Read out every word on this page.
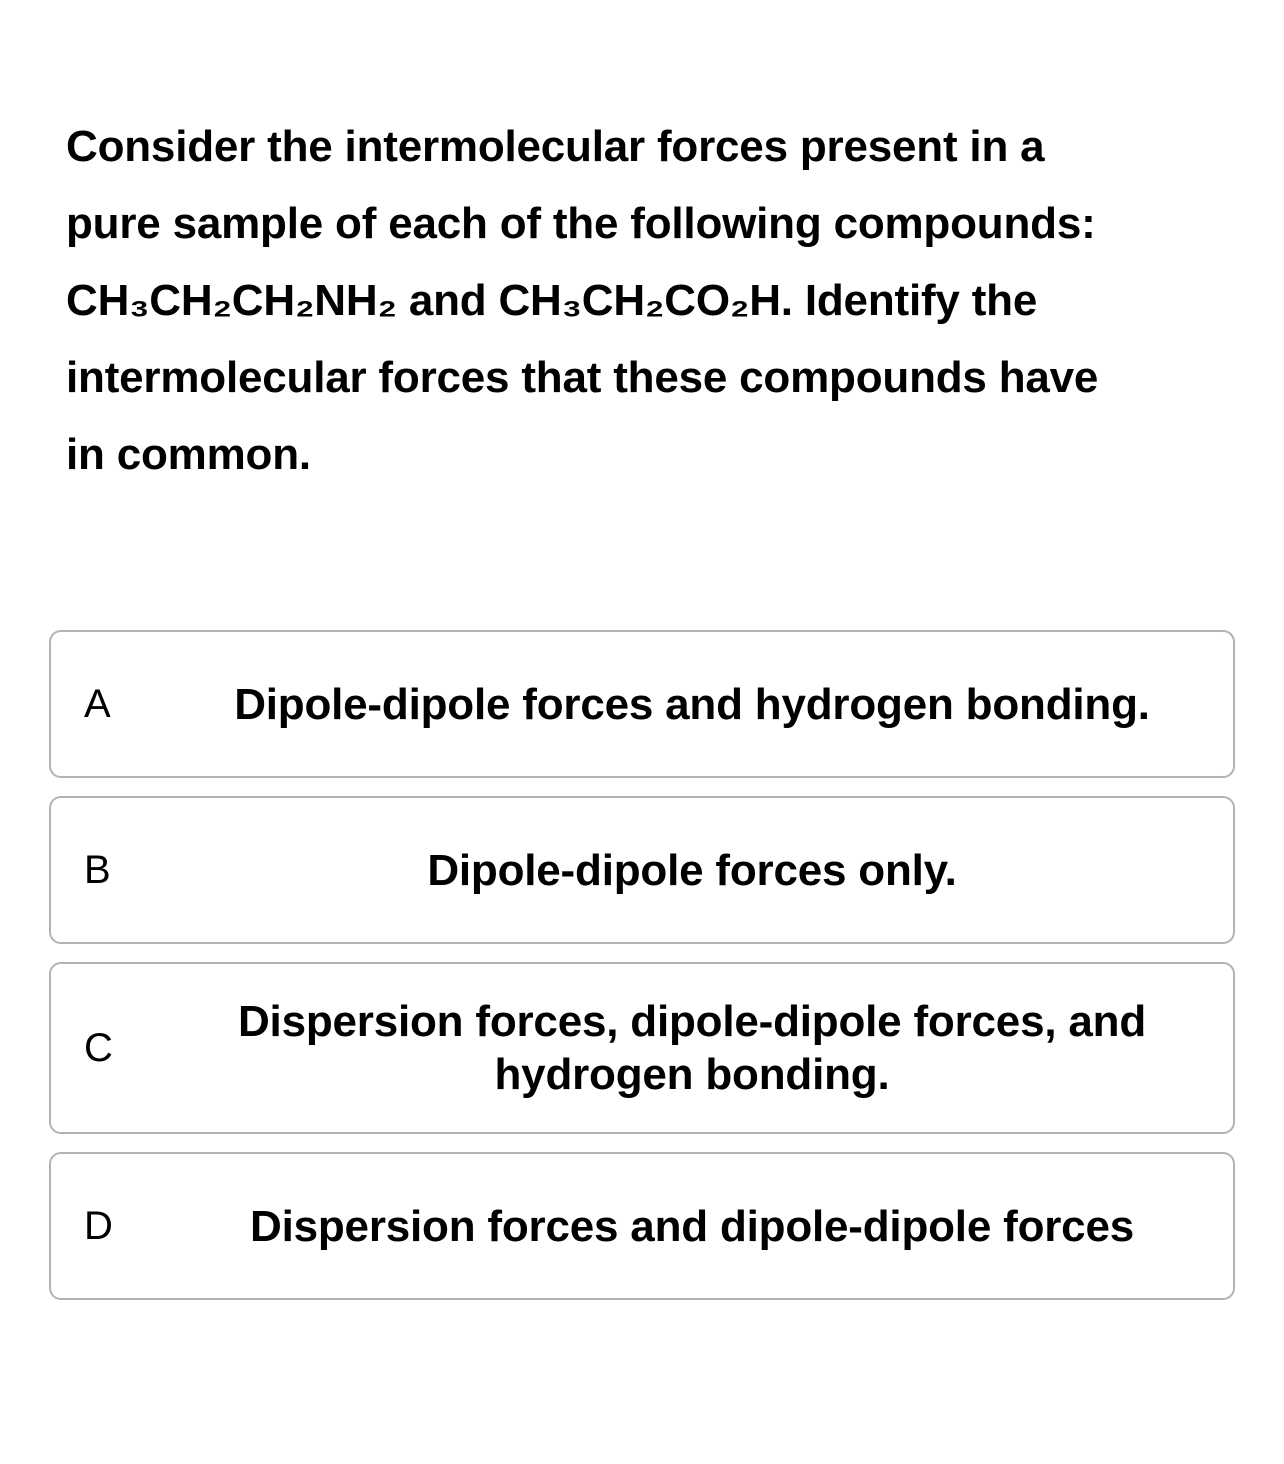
Consider the intermolecular forces present in a
pure sample of each of the following compounds:
CH₃CH₂CH₂NH₂ and CH₃CH₂CO₂H. Identify the
intermolecular forces that these compounds have
in common.
A	Dipole-dipole forces and hydrogen bonding.
B	Dipole-dipole forces only.
C
Dispersion forces, dipole-dipole forces, and hydrogen bonding.
D	Dispersion forces and dipole-dipole forces
